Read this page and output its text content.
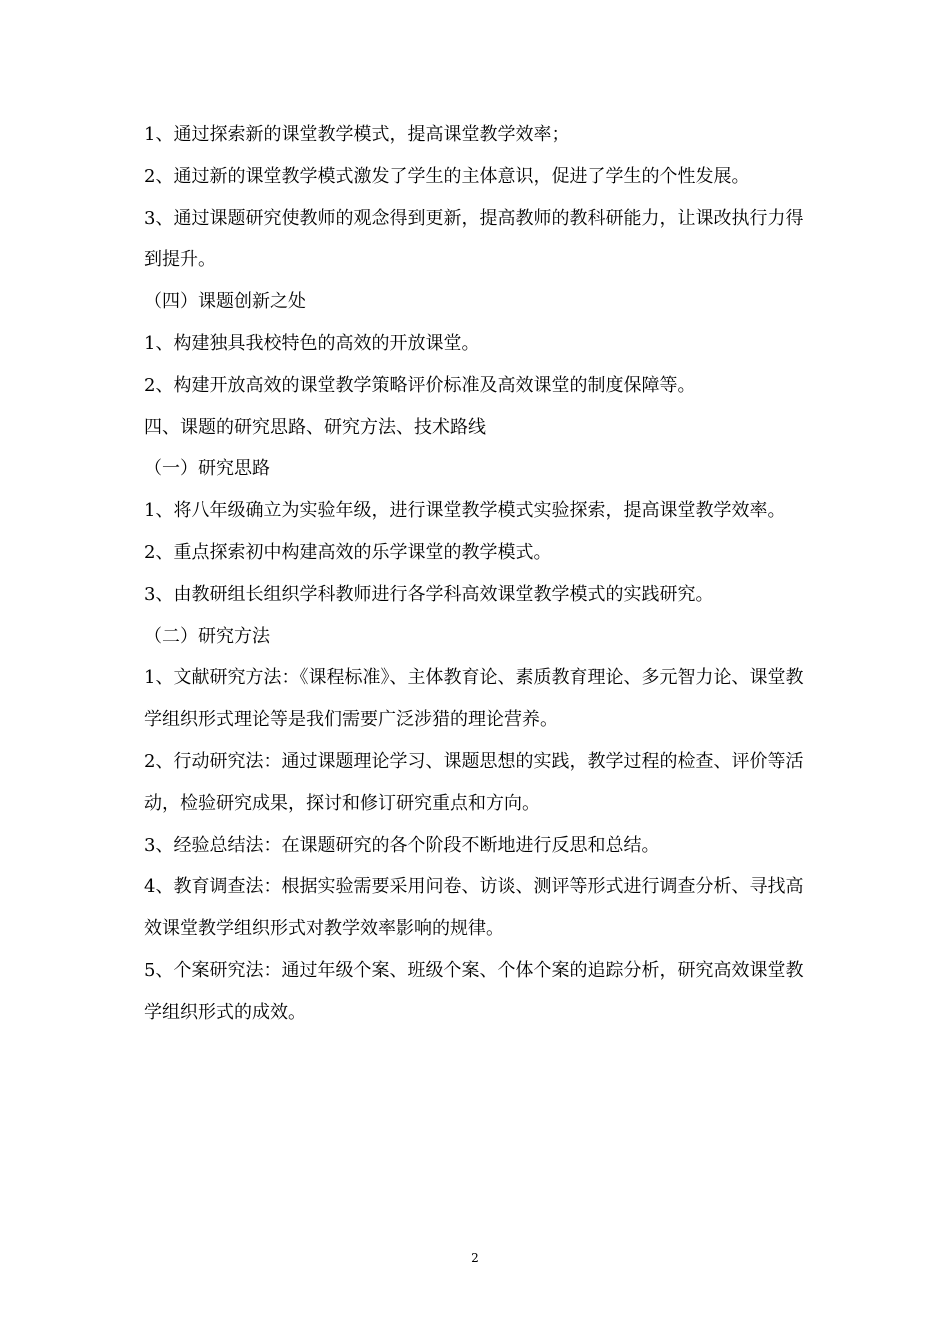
1、通过探索新的课堂教学模式，提高课堂教学效率；

2、通过新的课堂教学模式激发了学生的主体意识，促进了学生的个性发展。

3、通过课题研究使教师的观念得到更新，提高教师的教科研能力，让课改执行力得到提升。

（四）课题创新之处

1、构建独具我校特色的高效的开放课堂。

2、构建开放高效的课堂教学策略评价标准及高效课堂的制度保障等。

四、课题的研究思路、研究方法、技术路线

（一）研究思路

1、将八年级确立为实验年级，进行课堂教学模式实验探索，提高课堂教学效率。

2、重点探索初中构建高效的乐学课堂的教学模式。

3、由教研组长组织学科教师进行各学科高效课堂教学模式的实践研究。

（二）研究方法

1、文献研究方法：《课程标准》、主体教育论、素质教育理论、多元智力论、课堂教学组织形式理论等是我们需要广泛涉猎的理论营养。

2、行动研究法：通过课题理论学习、课题思想的实践，教学过程的检查、评价等活动，检验研究成果，探讨和修订研究重点和方向。

3、经验总结法：在课题研究的各个阶段不断地进行反思和总结。

4、教育调查法：根据实验需要采用问卷、访谈、测评等形式进行调查分析、寻找高效课堂教学组织形式对教学效率影响的规律。

5、个案研究法：通过年级个案、班级个案、个体个案的追踪分析，研究高效课堂教学组织形式的成效。

2
